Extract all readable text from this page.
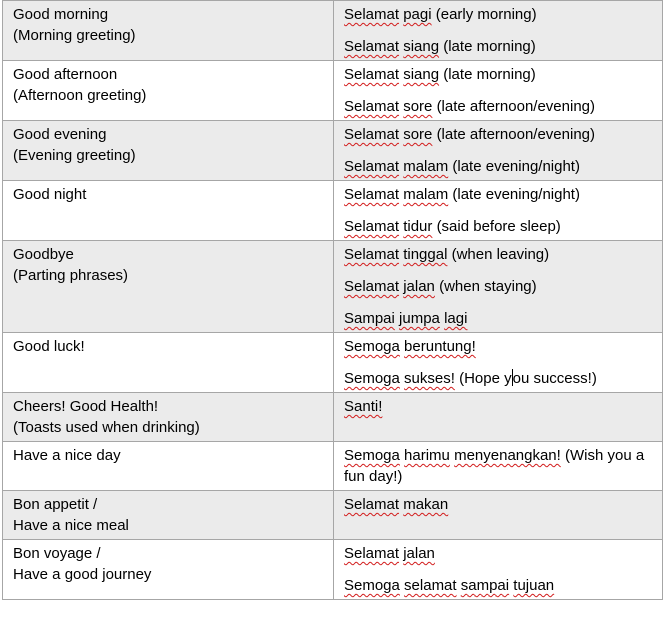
Good morning
(Morning greeting)	Selamat pagi (early morning)
Selamat siang (late morning)

Good afternoon
(Afternoon greeting)	Selamat siang (late morning)
Selamat sore (late afternoon/evening)

Good evening
(Evening greeting)	Selamat sore (late afternoon/evening)
Selamat malam (late evening/night)

Good night	Selamat malam (late evening/night)
Selamat tidur (said before sleep)

Goodbye
(Parting phrases)	Selamat tinggal (when leaving)
Selamat jalan (when staying)
Sampai jumpa lagi

Good luck!	Semoga beruntung!
Semoga sukses! (Hope you success!)

Cheers! Good Health!
(Toasts used when drinking)	Santi!

Have a nice day	Semoga harimu menyenangkan! (Wish you a fun day!)

Bon appetit /
Have a nice meal	Selamat makan

Bon voyage /
Have a good journey	Selamat jalan
Semoga selamat sampai tujuan
